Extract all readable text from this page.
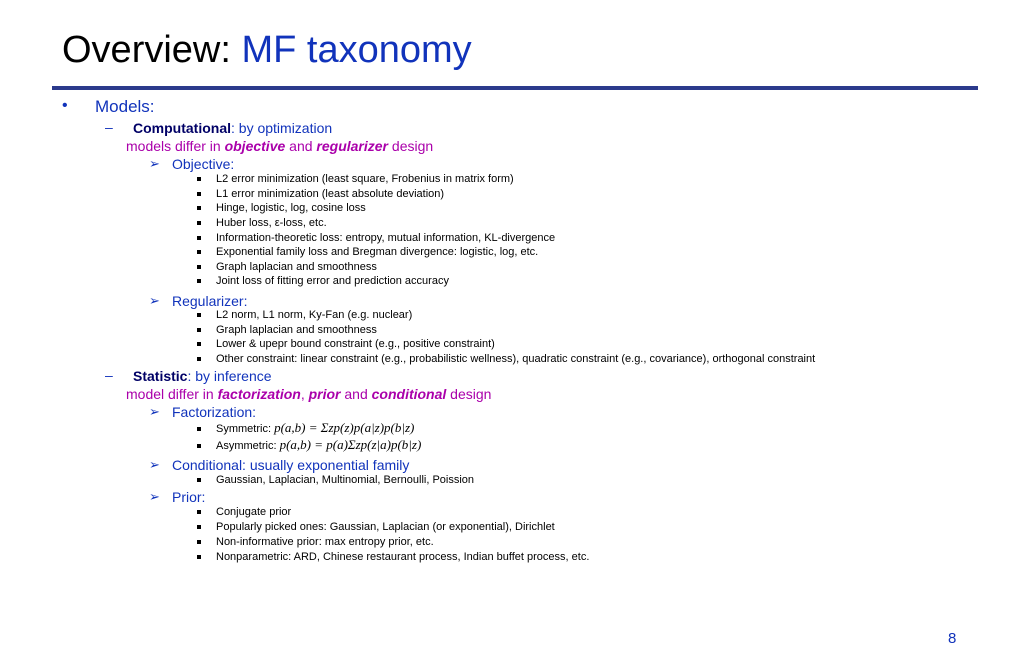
Overview: MF taxonomy
• Models:
– Computational: by optimization
models differ in objective and regularizer design
➢ Objective:
L2 error minimization (least square, Frobenius in matrix form)
L1 error minimization (least absolute deviation)
Hinge, logistic, log, cosine loss
Huber loss, ε-loss, etc.
Information-theoretic loss: entropy, mutual information, KL-divergence
Exponential family loss and Bregman divergence: logistic, log, etc.
Graph laplacian and smoothness
Joint loss of fitting error and prediction accuracy
➢ Regularizer:
L2 norm, L1 norm, Ky-Fan (e.g. nuclear)
Graph laplacian and smoothness
Lower & upepr bound constraint (e.g., positive constraint)
Other constraint: linear constraint (e.g., probabilistic wellness), quadratic constraint (e.g., covariance), orthogonal constraint
– Statistic: by inference
model differ in factorization, prior and conditional design
➢ Factorization:
Symmetric: p(a,b) = Σzp(z)p(a|z)p(b|z)
Asymmetric: p(a,b) = p(a)Σzp(z|a)p(b|z)
➢ Conditional: usually exponential family
Gaussian, Laplacian, Multinomial, Bernoulli, Poission
➢ Prior:
Conjugate prior
Popularly picked ones: Gaussian, Laplacian (or exponential), Dirichlet
Non-informative prior: max entropy prior, etc.
Nonparametric: ARD, Chinese restaurant process, Indian buffet process, etc.
8
